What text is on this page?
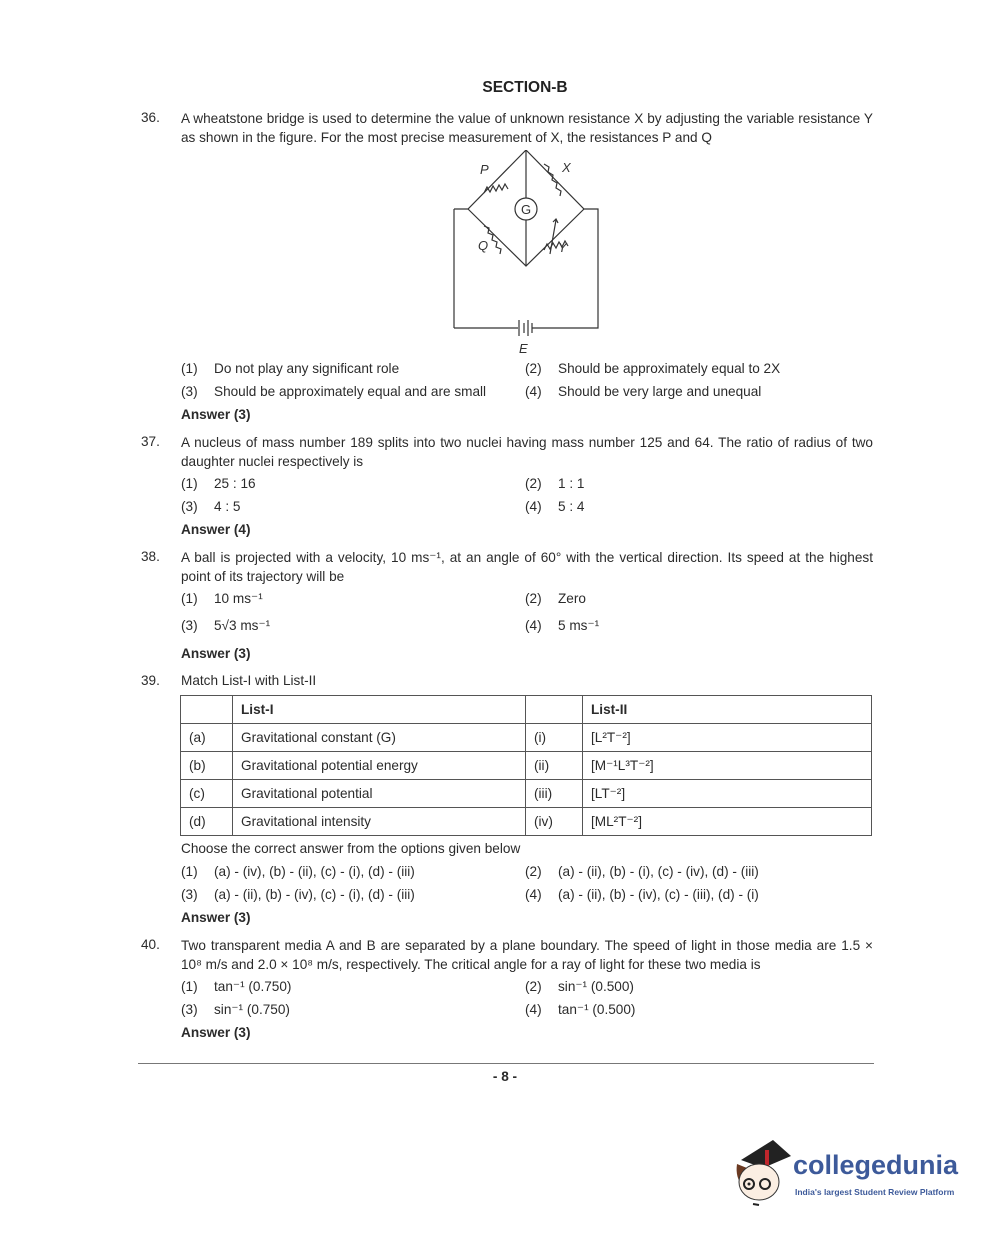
SECTION-B
36. A wheatstone bridge is used to determine the value of unknown resistance X by adjusting the variable resistance Y as shown in the figure. For the most precise measurement of X, the resistances P and Q
P	X
Q	Y
E
G
(1) Do not play any significant role	(2) Should be approximately equal to 2X
(3) Should be approximately equal and are small	(4) Should be very large and unequal
Answer (3)
37. A nucleus of mass number 189 splits into two nuclei having mass number 125 and 64. The ratio of radius of two daughter nuclei respectively is
(1) 25 : 16	(2) 1 : 1
(3) 4 : 5	(4) 5 : 4
Answer (4)
38. A ball is projected with a velocity, 10 ms⁻¹, at an angle of 60° with the vertical direction. Its speed at the highest point of its trajectory will be
(1) 10 ms⁻¹	(2) Zero
(3) 5√3 ms⁻¹	(4) 5 ms⁻¹
Answer (3)
39. Match List-I with List-II
	List-I		List-II
(a)	Gravitational constant (G)	(i)	[L²T⁻²]
(b)	Gravitational potential energy	(ii)	[M⁻¹L³T⁻²]
(c)	Gravitational potential	(iii)	[LT⁻²]
(d)	Gravitational intensity	(iv)	[ML²T⁻²]
Choose the correct answer from the options given below
(1) (a) - (iv), (b) - (ii), (c) - (i), (d) - (iii)	(2) (a) - (ii), (b) - (i), (c) - (iv), (d) - (iii)
(3) (a) - (ii), (b) - (iv), (c) - (i), (d) - (iii)	(4) (a) - (ii), (b) - (iv), (c) - (iii), (d) - (i)
Answer (3)
40. Two transparent media A and B are separated by a plane boundary. The speed of light in those media are 1.5 × 10⁸ m/s and 2.0 × 10⁸ m/s, respectively. The critical angle for a ray of light for these two media is
(1) tan⁻¹ (0.750)	(2) sin⁻¹ (0.500)
(3) sin⁻¹ (0.750)	(4) tan⁻¹ (0.500)
Answer (3)
- 8 -
collegedunia
India's largest Student Review Platform
